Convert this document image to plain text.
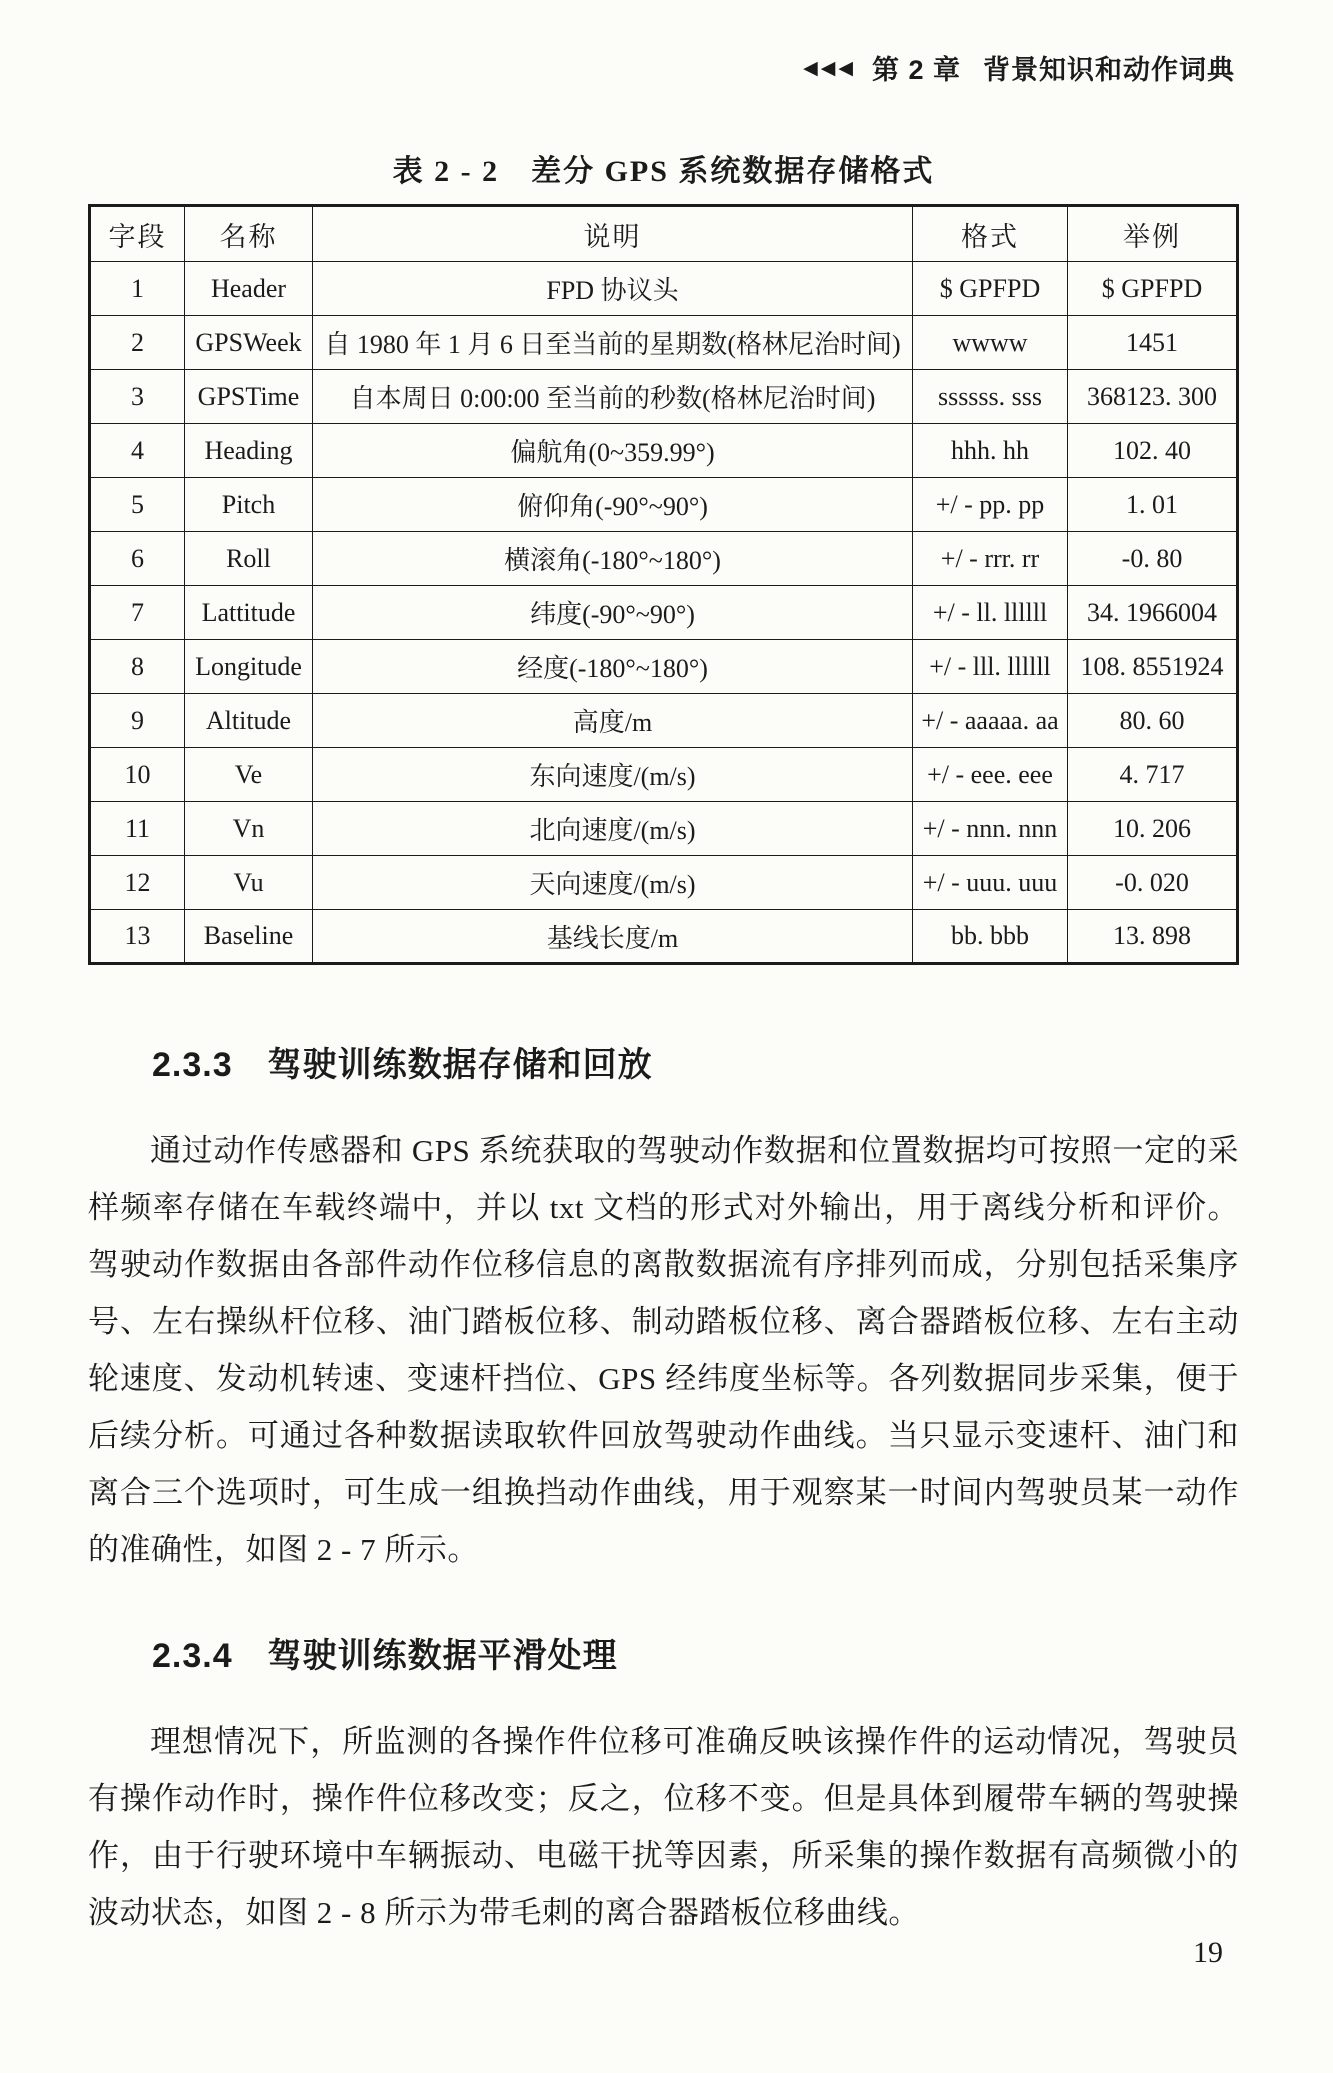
◀◀◀ 第 2 章 背景知识和动作词典
表 2 - 2　差分 GPS 系统数据存储格式
字段	名称	说明	格式	举例
1	Header	FPD 协议头	$ GPFPD	$ GPFPD
2	GPSWeek	自 1980 年 1 月 6 日至当前的星期数(格林尼治时间)	wwww	1451
3	GPSTime	自本周日 0:00:00 至当前的秒数(格林尼治时间)	ssssss. sss	368123. 300
4	Heading	偏航角(0~359.99°)	hhh. hh	102. 40
5	Pitch	俯仰角(-90°~90°)	+/ - pp. pp	1. 01
6	Roll	横滚角(-180°~180°)	+/ - rrr. rr	-0. 80
7	Lattitude	纬度(-90°~90°)	+/ - ll. llllll	34. 1966004
8	Longitude	经度(-180°~180°)	+/ - lll. llllll	108. 8551924
9	Altitude	高度/m	+/ - aaaaa. aa	80. 60
10	Ve	东向速度/(m/s)	+/ - eee. eee	4. 717
11	Vn	北向速度/(m/s)	+/ - nnn. nnn	10. 206
12	Vu	天向速度/(m/s)	+/ - uuu. uuu	-0. 020
13	Baseline	基线长度/m	bb. bbb	13. 898
2.3.3　驾驶训练数据存储和回放

通过动作传感器和 GPS 系统获取的驾驶动作数据和位置数据均可按照一定的采样频率存储在车载终端中，并以 txt 文档的形式对外输出，用于离线分析和评价。驾驶动作数据由各部件动作位移信息的离散数据流有序排列而成，分别包括采集序号、左右操纵杆位移、油门踏板位移、制动踏板位移、离合器踏板位移、左右主动轮速度、发动机转速、变速杆挡位、GPS 经纬度坐标等。各列数据同步采集，便于后续分析。可通过各种数据读取软件回放驾驶动作曲线。当只显示变速杆、油门和离合三个选项时，可生成一组换挡动作曲线，用于观察某一时间内驾驶员某一动作的准确性，如图 2 - 7 所示。

2.3.4　驾驶训练数据平滑处理

理想情况下，所监测的各操作件位移可准确反映该操作件的运动情况，驾驶员有操作动作时，操作件位移改变；反之，位移不变。但是具体到履带车辆的驾驶操作，由于行驶环境中车辆振动、电磁干扰等因素，所采集的操作数据有高频微小的波动状态，如图 2 - 8 所示为带毛刺的离合器踏板位移曲线。

19
